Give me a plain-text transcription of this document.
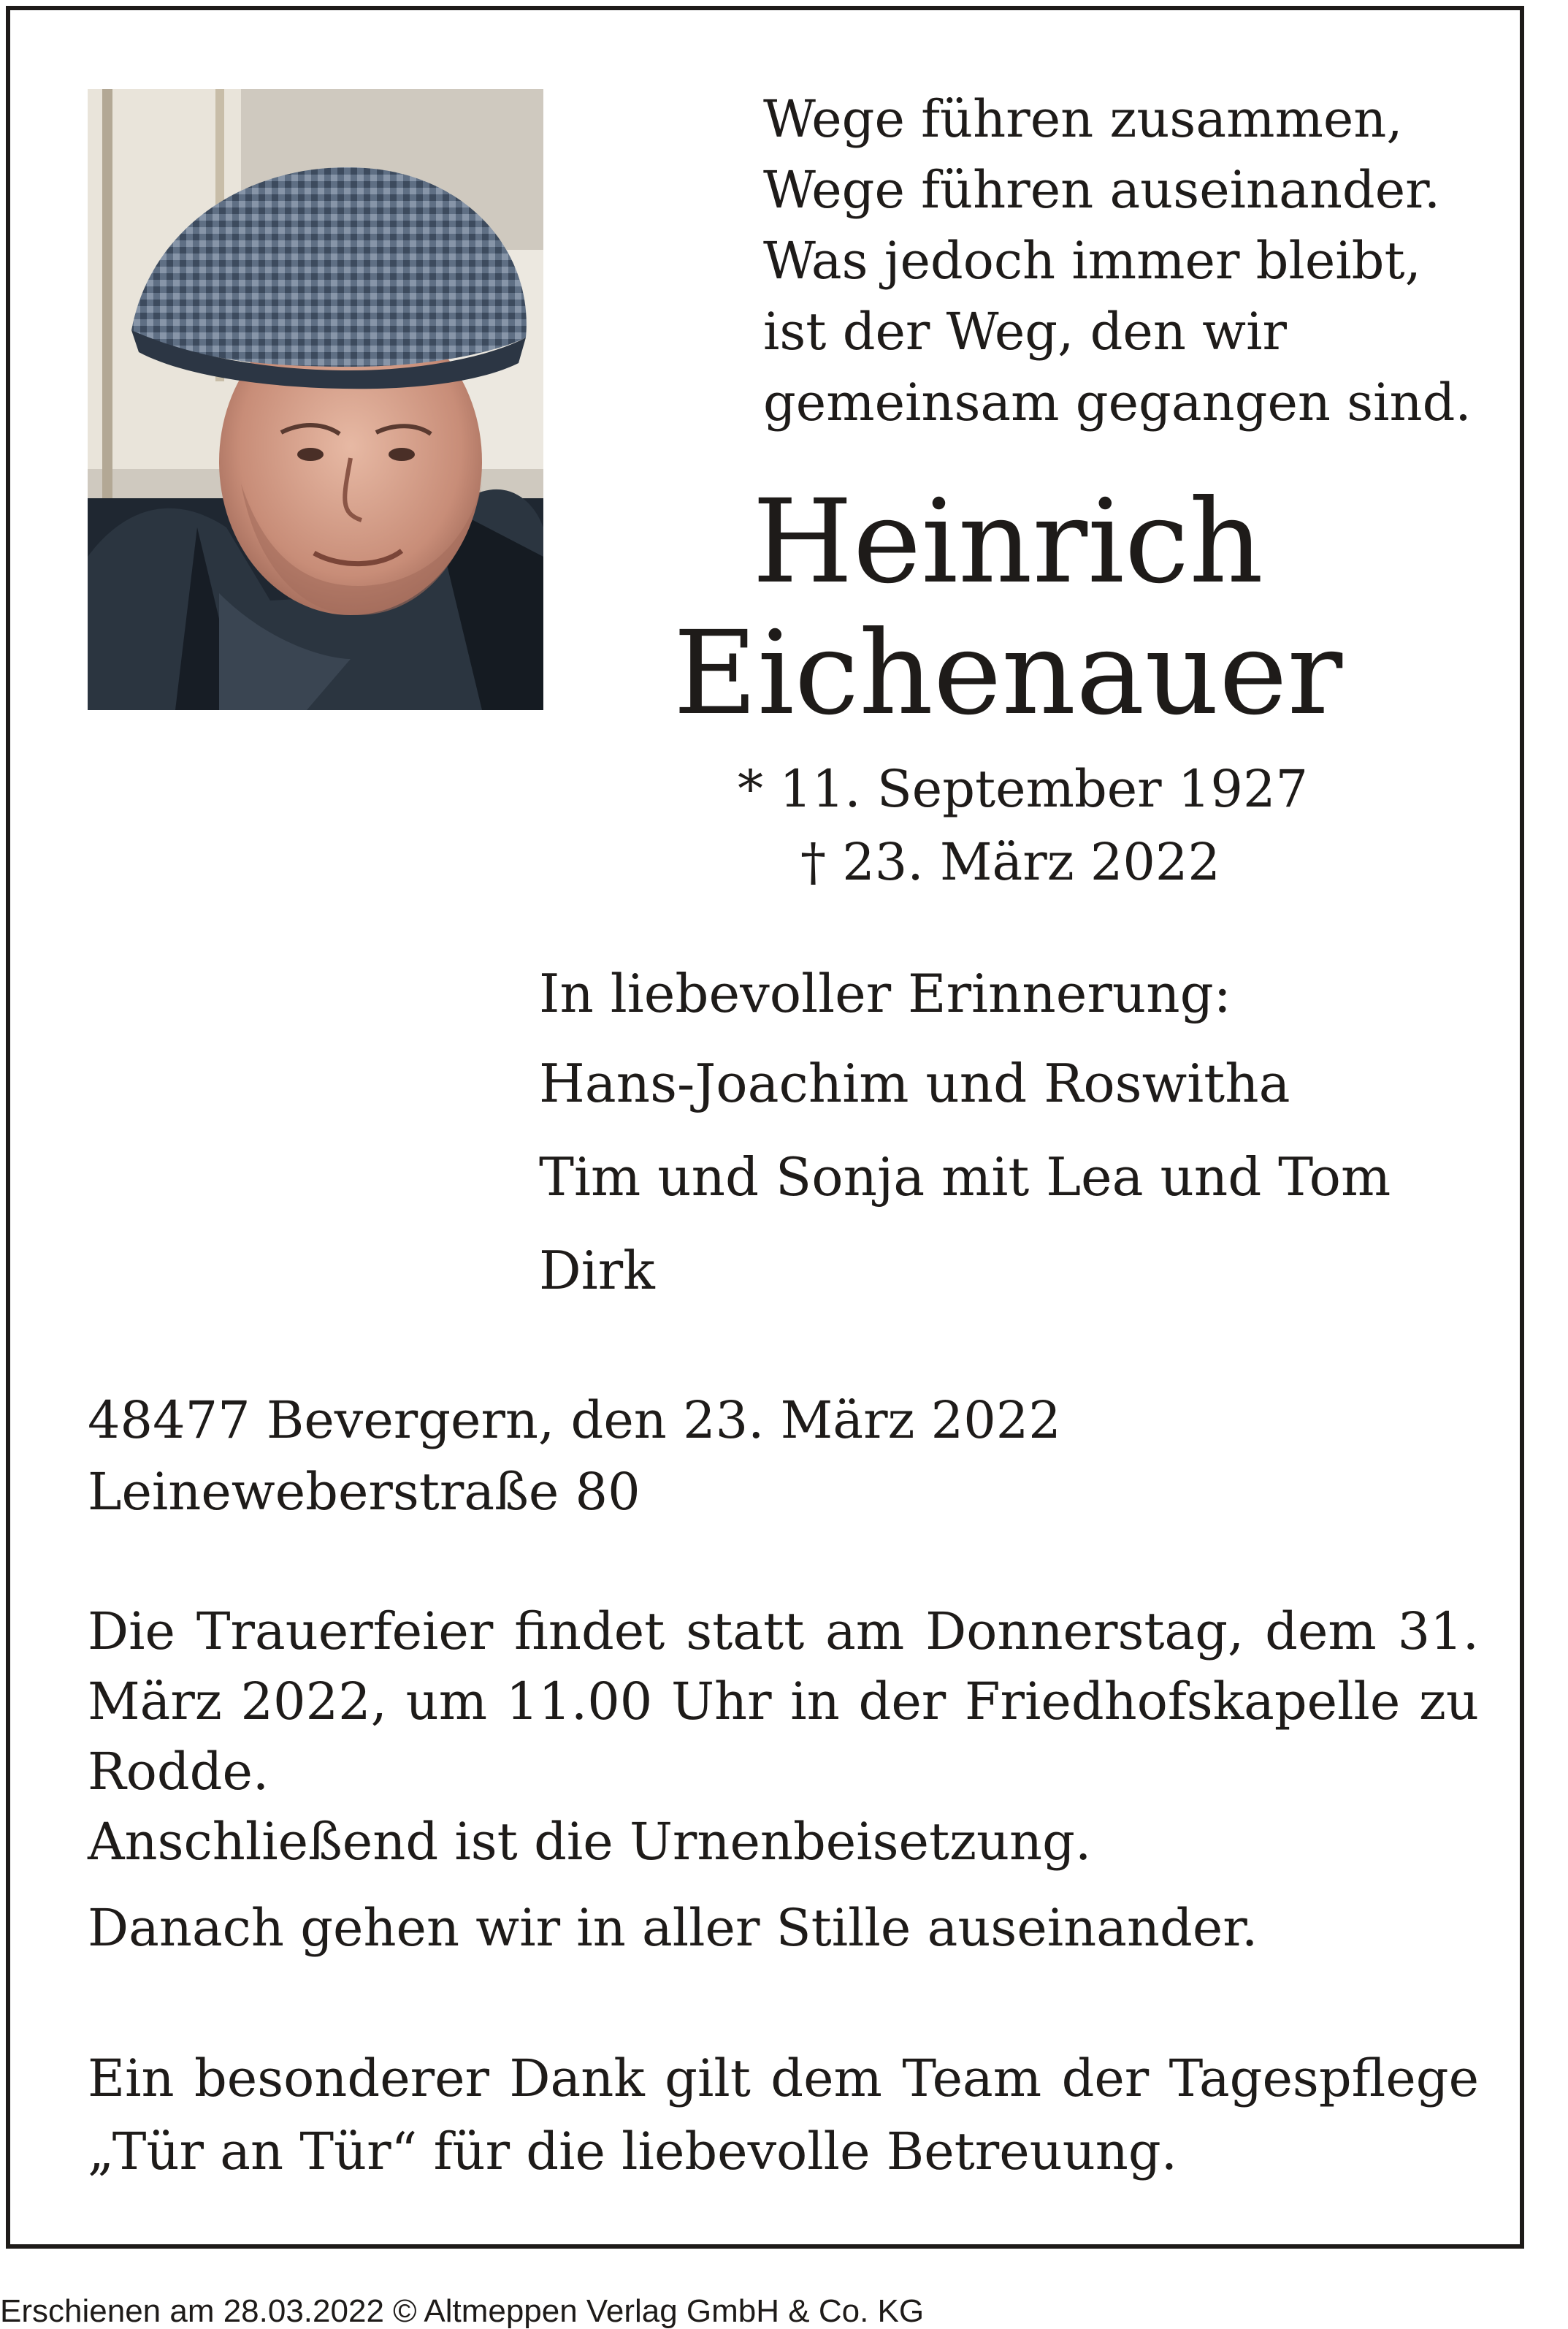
Wege führen zusammen,
Wege führen auseinander.
Was jedoch immer bleibt,
ist der Weg, den wir
gemeinsam gegangen sind.
Heinrich
Eichenauer
* 11. September 1927
† 23. März 2022
In liebevoller Erinnerung:
Hans-Joachim und Roswitha
Tim und Sonja mit Lea und Tom
Dirk
48477 Bevergern, den 23. März 2022
Leineweberstraße 80
Die Trauerfeier findet statt am Donnerstag, dem 31. März 2022, um 11.00 Uhr in der Friedhofskapelle zu Rodde.
Anschließend ist die Urnenbeisetzung.
Danach gehen wir in aller Stille auseinander.
Ein besonderer Dank gilt dem Team der Tagespflege
„Tür an Tür“ für die liebevolle Betreuung.
Erschienen am 28.03.2022 © Altmeppen Verlag GmbH & Co. KG
